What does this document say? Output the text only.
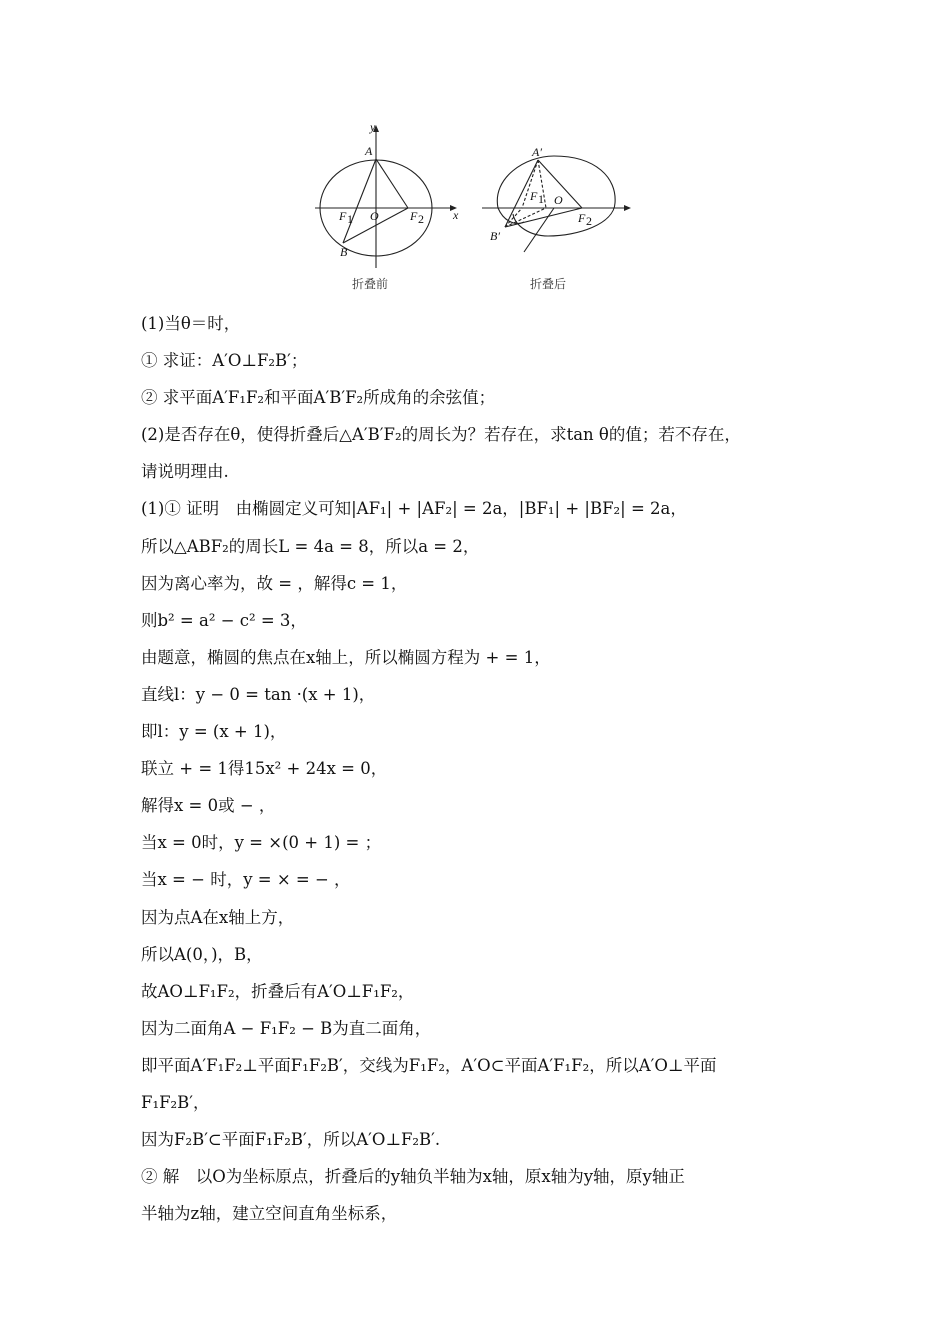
y
x
A
B
O
F 1	F 2
A′
B′
O
F 1
F 2
折叠前	折叠后
(1)当θ＝时，
① 求证：A′O⊥F₂B′；
② 求平面A′F₁F₂和平面A′B′F₂所成角的余弦值；
(2)是否存在θ，使得折叠后△A′B′F₂的周长为？若存在，求tan θ的值；若不存在，
请说明理由.
(1)① 证明　由椭圆定义可知|AF₁| + |AF₂| = 2a，|BF₁| + |BF₂| = 2a，
所以△ABF₂的周长L = 4a = 8，所以a = 2，
因为离心率为，故 = ，解得c = 1，
则b² = a² − c² = 3，
由题意，椭圆的焦点在x轴上，所以椭圆方程为 + = 1，
直线l：y − 0 = tan ·(x + 1)，
即l：y = (x + 1)，
联立 + = 1得15x² + 24x = 0，
解得x = 0或 − ，
当x = 0时，y = ×(0 + 1) = ；
当x = − 时，y = × = − ，
因为点A在x轴上方，
所以A(0，)，B，
故AO⊥F₁F₂，折叠后有A′O⊥F₁F₂，
因为二面角A − F₁F₂ − B为直二面角，
即平面A′F₁F₂⊥平面F₁F₂B′，交线为F₁F₂，A′O⊂平面A′F₁F₂，所以A′O⊥平面
F₁F₂B′，
因为F₂B′⊂平面F₁F₂B′，所以A′O⊥F₂B′.
② 解　以O为坐标原点，折叠后的y轴负半轴为x轴，原x轴为y轴，原y轴正
半轴为z轴，建立空间直角坐标系，
